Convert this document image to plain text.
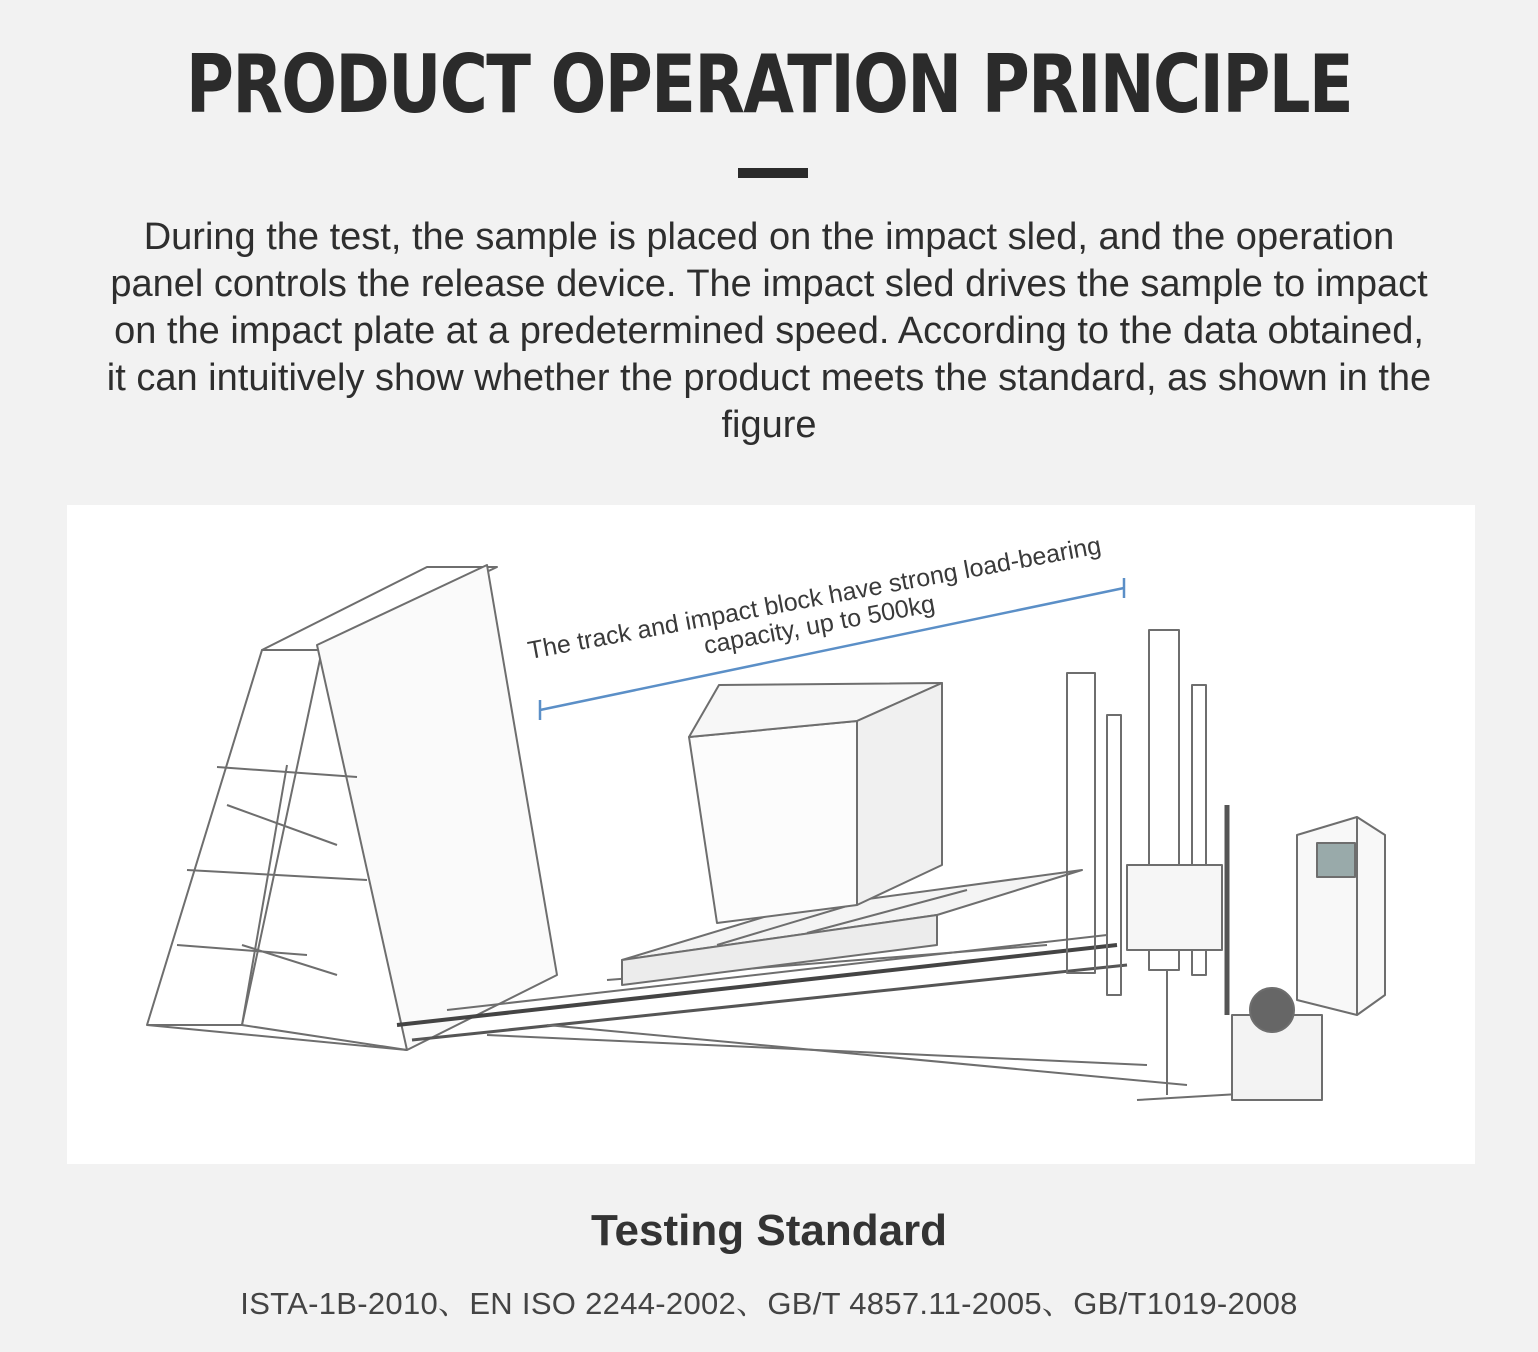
PRODUCT OPERATION PRINCIPLE

During the test, the sample is placed on the impact sled, and the operation panel controls the release device. The impact sled drives the sample to impact on the impact plate at a predetermined speed. According to the data obtained, it can intuitively show whether the product meets the standard, as shown in the figure

The track and impact block have strong load-bearing capacity, up to 500kg
Testing Standard
ISTA-1B-2010、EN ISO 2244-2002、GB/T 4857.11-2005、GB/T1019-2008
